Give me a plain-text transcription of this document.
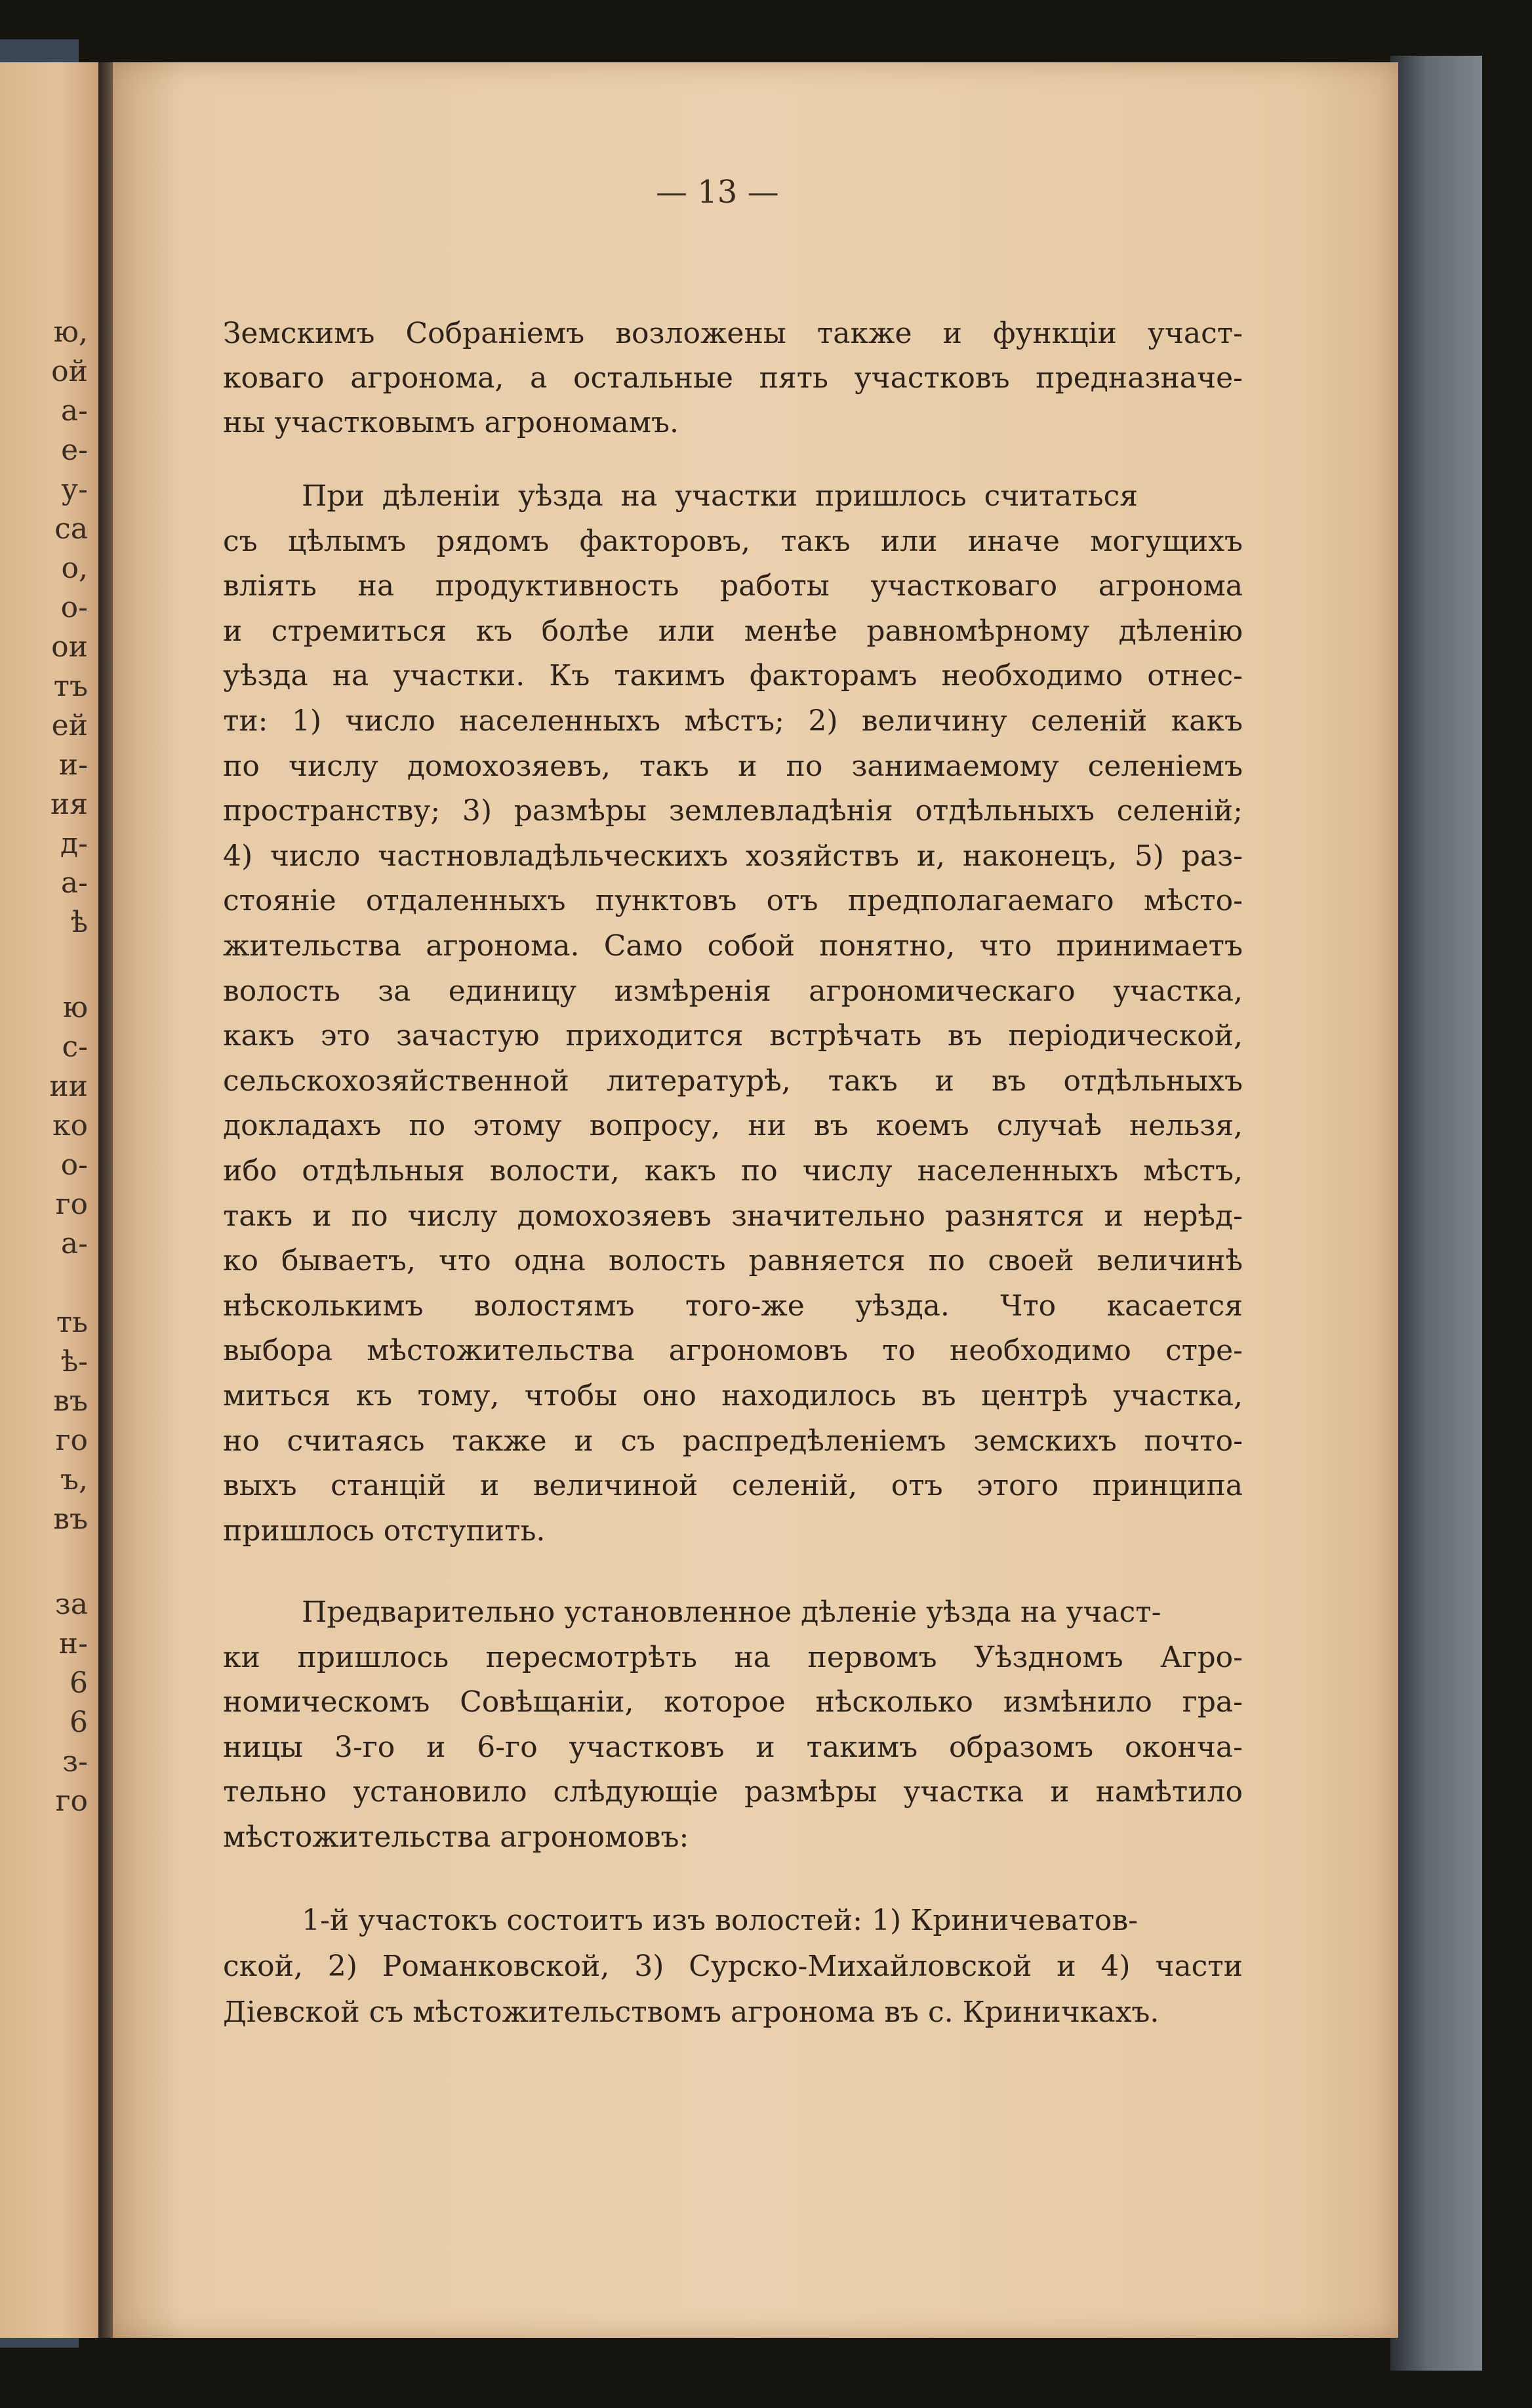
ю,

ой

а-

е-

у-

са

о,

о-

ои

тъ

ей

и-

ия

д-

а-

ѣ

ю

с-

ии

ко

о-

го

а-

ть

ѣ-

въ

го

ъ,

въ

за

н-

6

6

з-

го

— 13 —

Земскимъ Собраніемъ возложены также и функціи участ-

коваго агронома, а остальные пять участковъ предназначе-

ны участковымъ агрономамъ.

При дѣленіи уѣзда на участки пришлось считаться

съ цѣлымъ рядомъ факторовъ, такъ или иначе могущихъ

вліять на продуктивность работы участковаго агронома

и стремиться къ болѣе или менѣе равномѣрному дѣленію

уѣзда на участки. Къ такимъ факторамъ необходимо отнес-

ти: 1) число населенныхъ мѣстъ; 2) величину селеній какъ

по числу домохозяевъ, такъ и по занимаемому селеніемъ

пространству; 3) размѣры землевладѣнія отдѣльныхъ селеній;

4) число частновладѣльческихъ хозяйствъ и, наконецъ, 5) раз-

стояніе отдаленныхъ пунктовъ отъ предполагаемаго мѣсто-

жительства агронома. Само собой понятно, что принимаетъ

волость за единицу измѣренія агрономическаго участка,

какъ это зачастую приходится встрѣчать въ періодической,

сельскохозяйственной литературѣ, такъ и въ отдѣльныхъ

докладахъ по этому вопросу, ни въ коемъ случаѣ нельзя,

ибо отдѣльныя волости, какъ по числу населенныхъ мѣстъ,

такъ и по числу домохозяевъ значительно разнятся и нерѣд-

ко бываетъ, что одна волость равняется по своей величинѣ

нѣсколькимъ волостямъ того-же уѣзда. Что касается

выбора мѣстожительства агрономовъ то необходимо стре-

миться къ тому, чтобы оно находилось въ центрѣ участка,

но считаясь также и съ распредѣленіемъ земскихъ почто-

выхъ станцій и величиной селеній, отъ этого принципа

пришлось отступить.

Предварительно установленное дѣленіе уѣзда на участ-

ки пришлось пересмотрѣть на первомъ Уѣздномъ Агро-

номическомъ Совѣщаніи, которое нѣсколько измѣнило гра-

ницы 3-го и 6-го участковъ и такимъ образомъ оконча-

тельно установило слѣдующіе размѣры участка и намѣтило

мѣстожительства агрономовъ:

1-й участокъ состоитъ изъ волостей: 1) Криничеватов-

ской, 2) Романковской, 3) Сурско-Михайловской и 4) части

Діевской съ мѣстожительствомъ агронома въ с. Криничкахъ.
